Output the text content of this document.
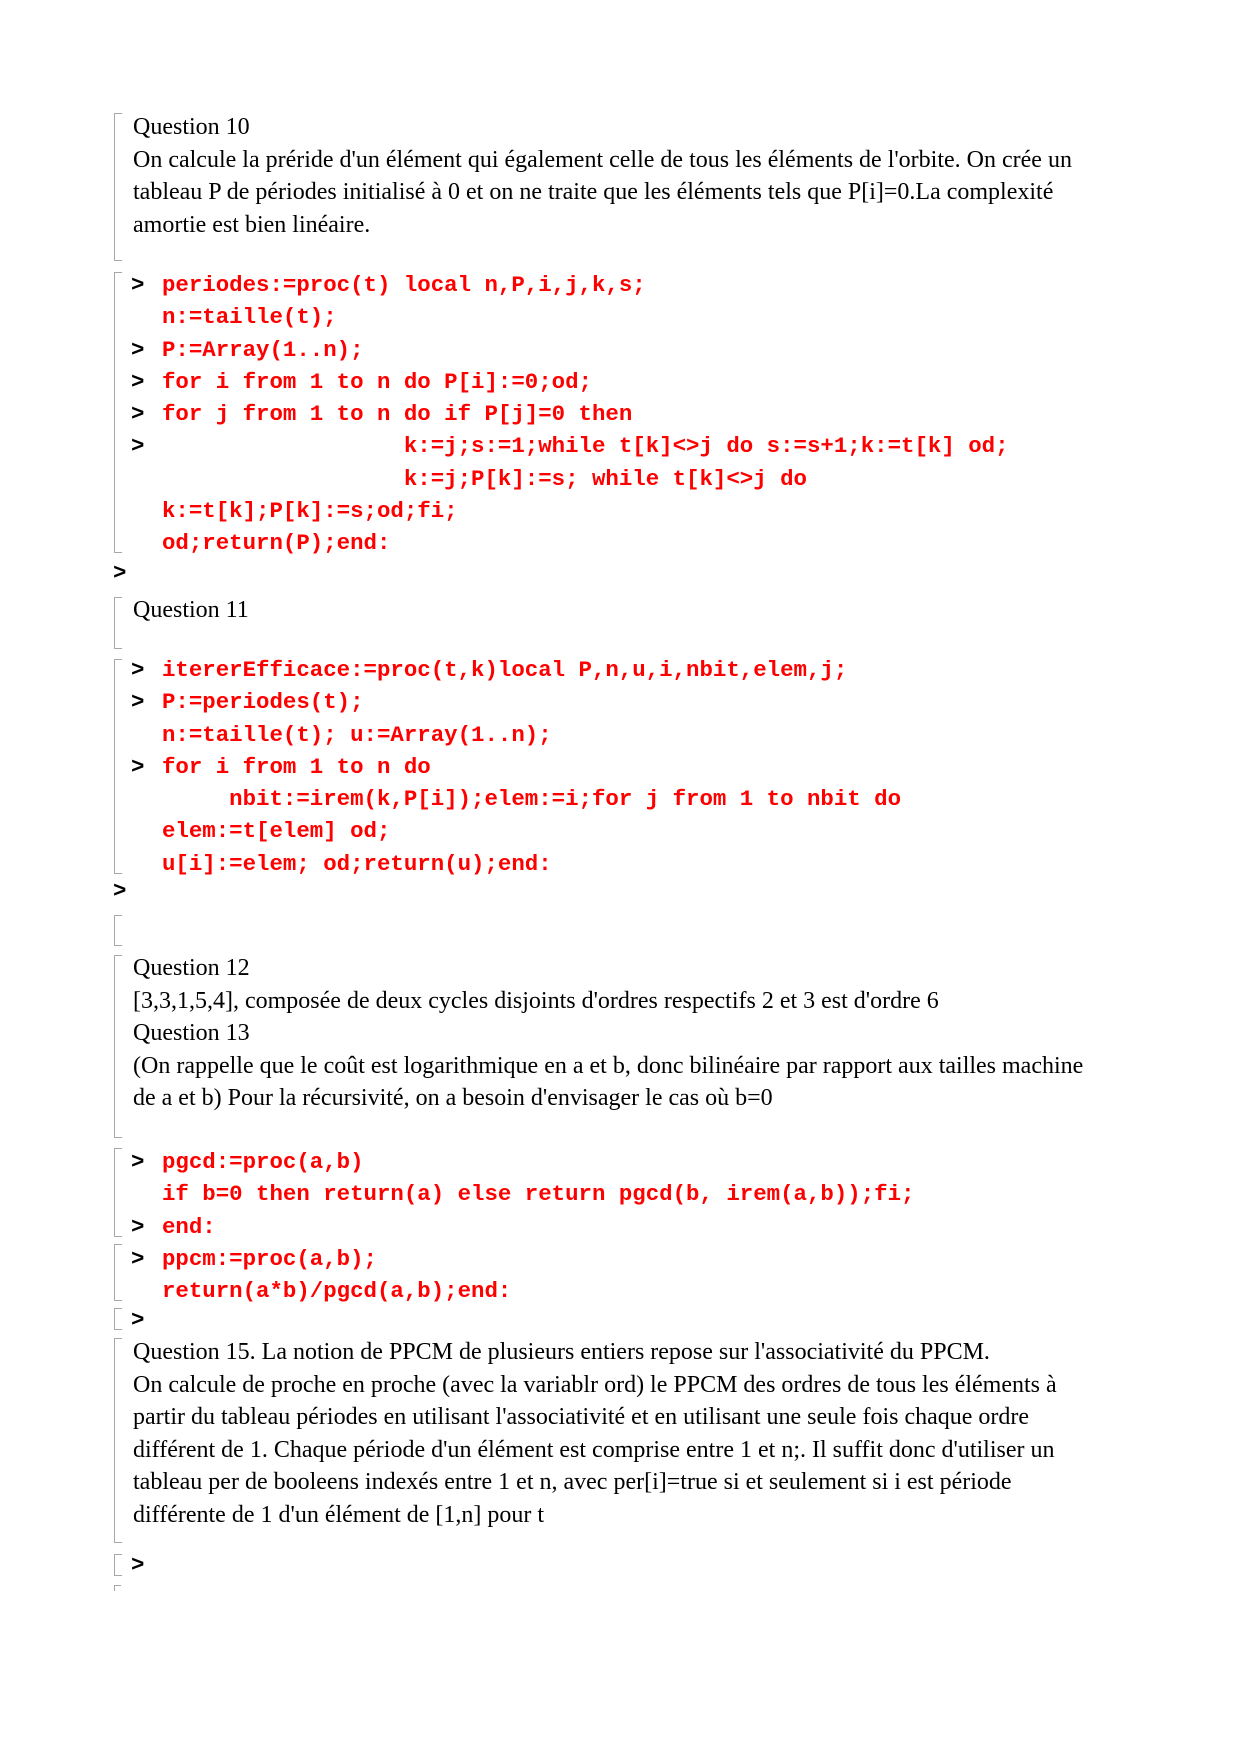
Question 10
On calcule la préride d'un élément qui également celle de tous les éléments de l'orbite. On crée un
tableau P de périodes initialisé à 0 et on ne traite que les éléments tels que P[i]=0.La complexité
amortie est bien linéaire.
> periodes:=proc(t) local n,P,i,j,k,s;
n:=taille(t);
> P:=Array(1..n);
> for i from 1 to n do P[i]:=0;od;
> for j from 1 to n do if P[j]=0 then
> k:=j;s:=1;while t[k]<>j do s:=s+1;k:=t[k] od;
k:=j;P[k]:=s; while t[k]<>j do
k:=t[k];P[k]:=s;od;fi;
od;return(P);end:
>
Question 11
> itererEfficace:=proc(t,k)local P,n,u,i,nbit,elem,j;
> P:=periodes(t);
n:=taille(t); u:=Array(1..n);
> for i from 1 to n do
nbit:=irem(k,P[i]);elem:=i;for j from 1 to nbit do
elem:=t[elem] od;
u[i]:=elem; od;return(u);end:
>
Question 12
[3,3,1,5,4], composée de deux cycles disjoints d'ordres respectifs 2 et 3 est d'ordre 6
Question 13
(On rappelle que le coût est logarithmique en a et b, donc bilinéaire par rapport aux tailles machine
de a et b) Pour la récursivité, on a besoin d'envisager le cas où b=0
> pgcd:=proc(a,b)
if b=0 then return(a) else return pgcd(b, irem(a,b));fi;
> end:
> ppcm:=proc(a,b);
return(a*b)/pgcd(a,b);end:
>
Question 15. La notion de PPCM de plusieurs entiers repose sur l'associativité du PPCM.
On calcule de proche en proche (avec la variablr ord) le PPCM des ordres de tous les éléments à
partir du tableau périodes en utilisant l'associativité et en utilisant une seule fois chaque ordre
différent de 1. Chaque période d'un élément est comprise entre 1 et n;. Il suffit donc d'utiliser un
tableau per de booleens indexés entre 1 et n, avec per[i]=true si et seulement si i est période
différente de 1 d'un élément de [1,n] pour t
>
